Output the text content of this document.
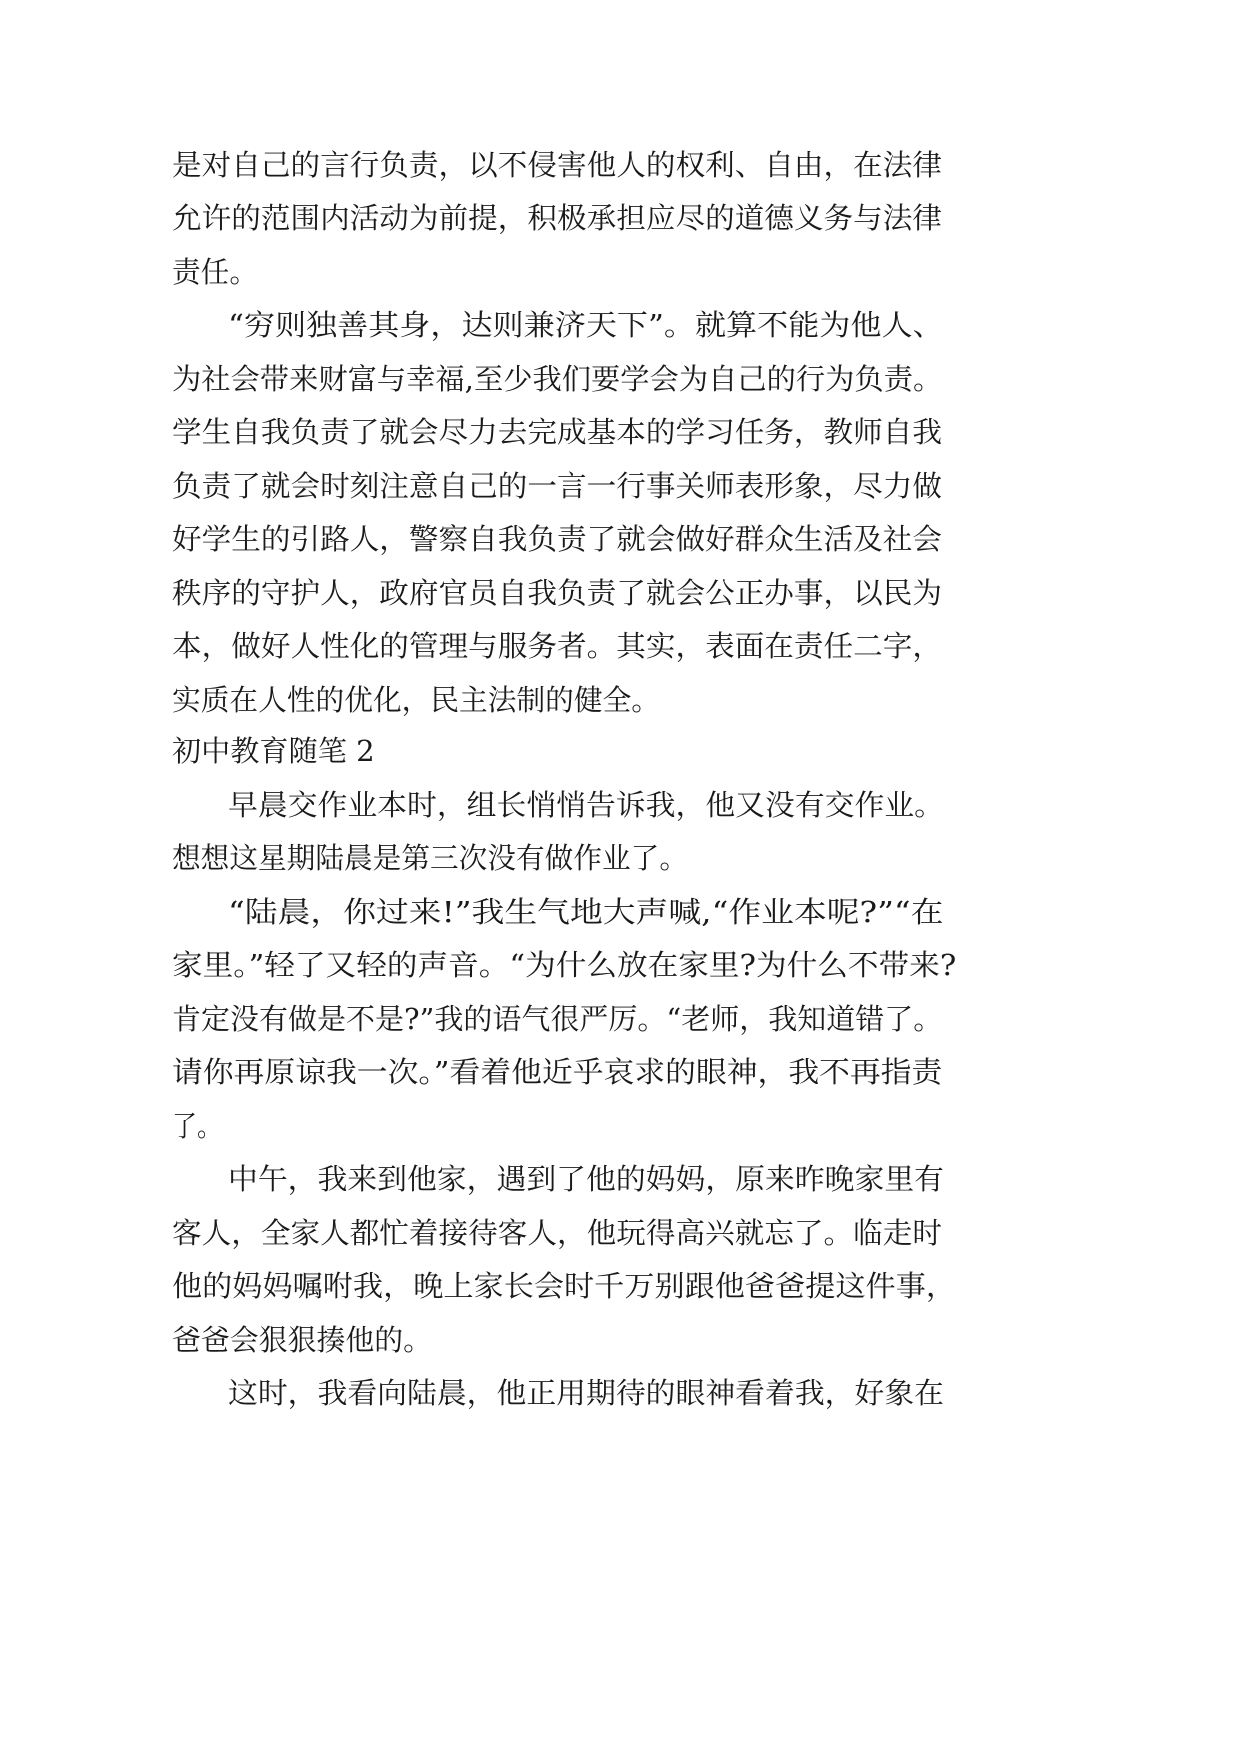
是对自己的言行负责，以不侵害他人的权利、自由，在法律
允许的范围内活动为前提，积极承担应尽的道德义务与法律
责任。
“穷则独善其身，达则兼济天下”。就算不能为他人、
为社会带来财富与幸福,至少我们要学会为自己的行为负责。
学生自我负责了就会尽力去完成基本的学习任务，教师自我
负责了就会时刻注意自己的一言一行事关师表形象，尽力做
好学生的引路人，警察自我负责了就会做好群众生活及社会
秩序的守护人，政府官员自我负责了就会公正办事，以民为
本，做好人性化的管理与服务者。其实，表面在责任二字，
实质在人性的优化，民主法制的健全。
初中教育随笔 2
早晨交作业本时，组长悄悄告诉我，他又没有交作业。
想想这星期陆晨是第三次没有做作业了。
“陆晨，你过来!”我生气地大声喊,“作业本呢?”“在
家里。”轻了又轻的声音。“为什么放在家里?为什么不带来?
肯定没有做是不是?”我的语气很严厉。“老师，我知道错了。
请你再原谅我一次。”看着他近乎哀求的眼神，我不再指责
了。
中午，我来到他家，遇到了他的妈妈，原来昨晚家里有
客人，全家人都忙着接待客人，他玩得高兴就忘了。临走时
他的妈妈嘱咐我，晚上家长会时千万别跟他爸爸提这件事，
爸爸会狠狠揍他的。
这时，我看向陆晨，他正用期待的眼神看着我，好象在
